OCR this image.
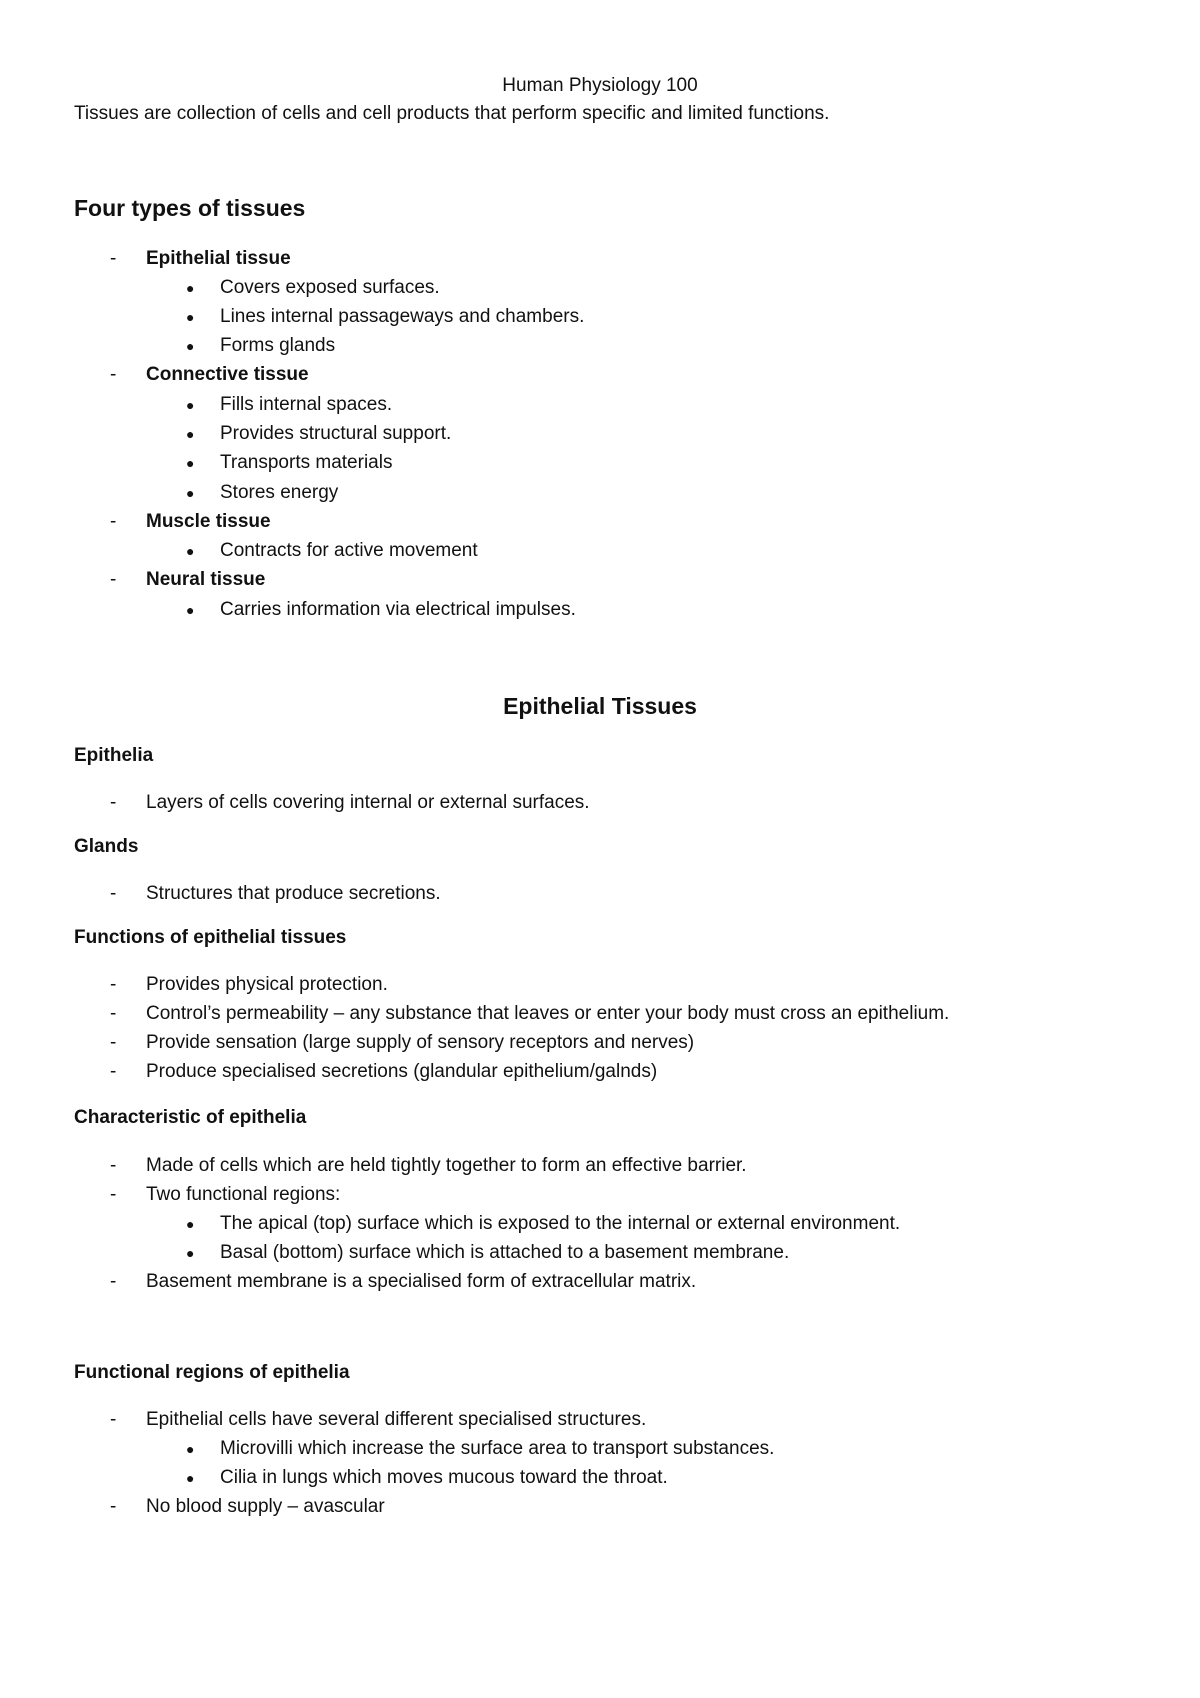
Human Physiology 100
Tissues are collection of cells and cell products that perform specific and limited functions.
Four types of tissues
- Epithelial tissue
● Covers exposed surfaces.
● Lines internal passageways and chambers.
● Forms glands
- Connective tissue
● Fills internal spaces.
● Provides structural support.
● Transports materials
● Stores energy
- Muscle tissue
● Contracts for active movement
- Neural tissue
● Carries information via electrical impulses.
Epithelial Tissues
Epithelia
- Layers of cells covering internal or external surfaces.
Glands
- Structures that produce secretions.
Functions of epithelial tissues
- Provides physical protection.
- Control’s permeability – any substance that leaves or enter your body must cross an epithelium.
- Provide sensation (large supply of sensory receptors and nerves)
- Produce specialised secretions (glandular epithelium/galnds)
Characteristic of epithelia
- Made of cells which are held tightly together to form an effective barrier.
- Two functional regions:
● The apical (top) surface which is exposed to the internal or external environment.
● Basal (bottom) surface which is attached to a basement membrane.
- Basement membrane is a specialised form of extracellular matrix.
Functional regions of epithelia
- Epithelial cells have several different specialised structures.
● Microvilli which increase the surface area to transport substances.
● Cilia in lungs which moves mucous toward the throat.
- No blood supply – avascular
